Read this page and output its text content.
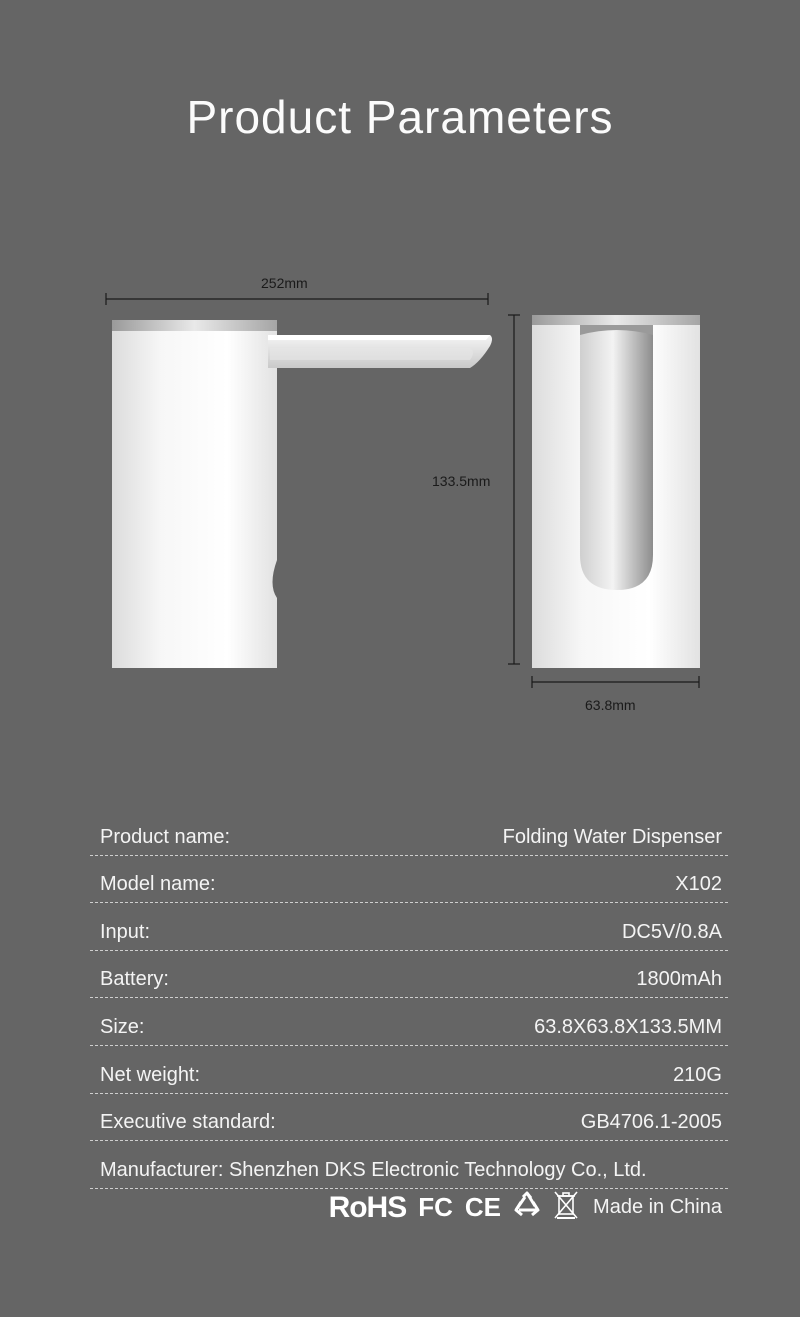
Product Parameters
252mm
133.5mm
63.8mm
Product name:	Folding Water Dispenser
Model name:	X102
Input:	DC5V/0.8A
Battery:	1800mAh
Size:	63.8X63.8X133.5MM
Net weight:	210G
Executive standard:	GB4706.1-2005
Manufacturer: Shenzhen DKS Electronic Technology Co., Ltd.
RoHS FC CE	Made in China
